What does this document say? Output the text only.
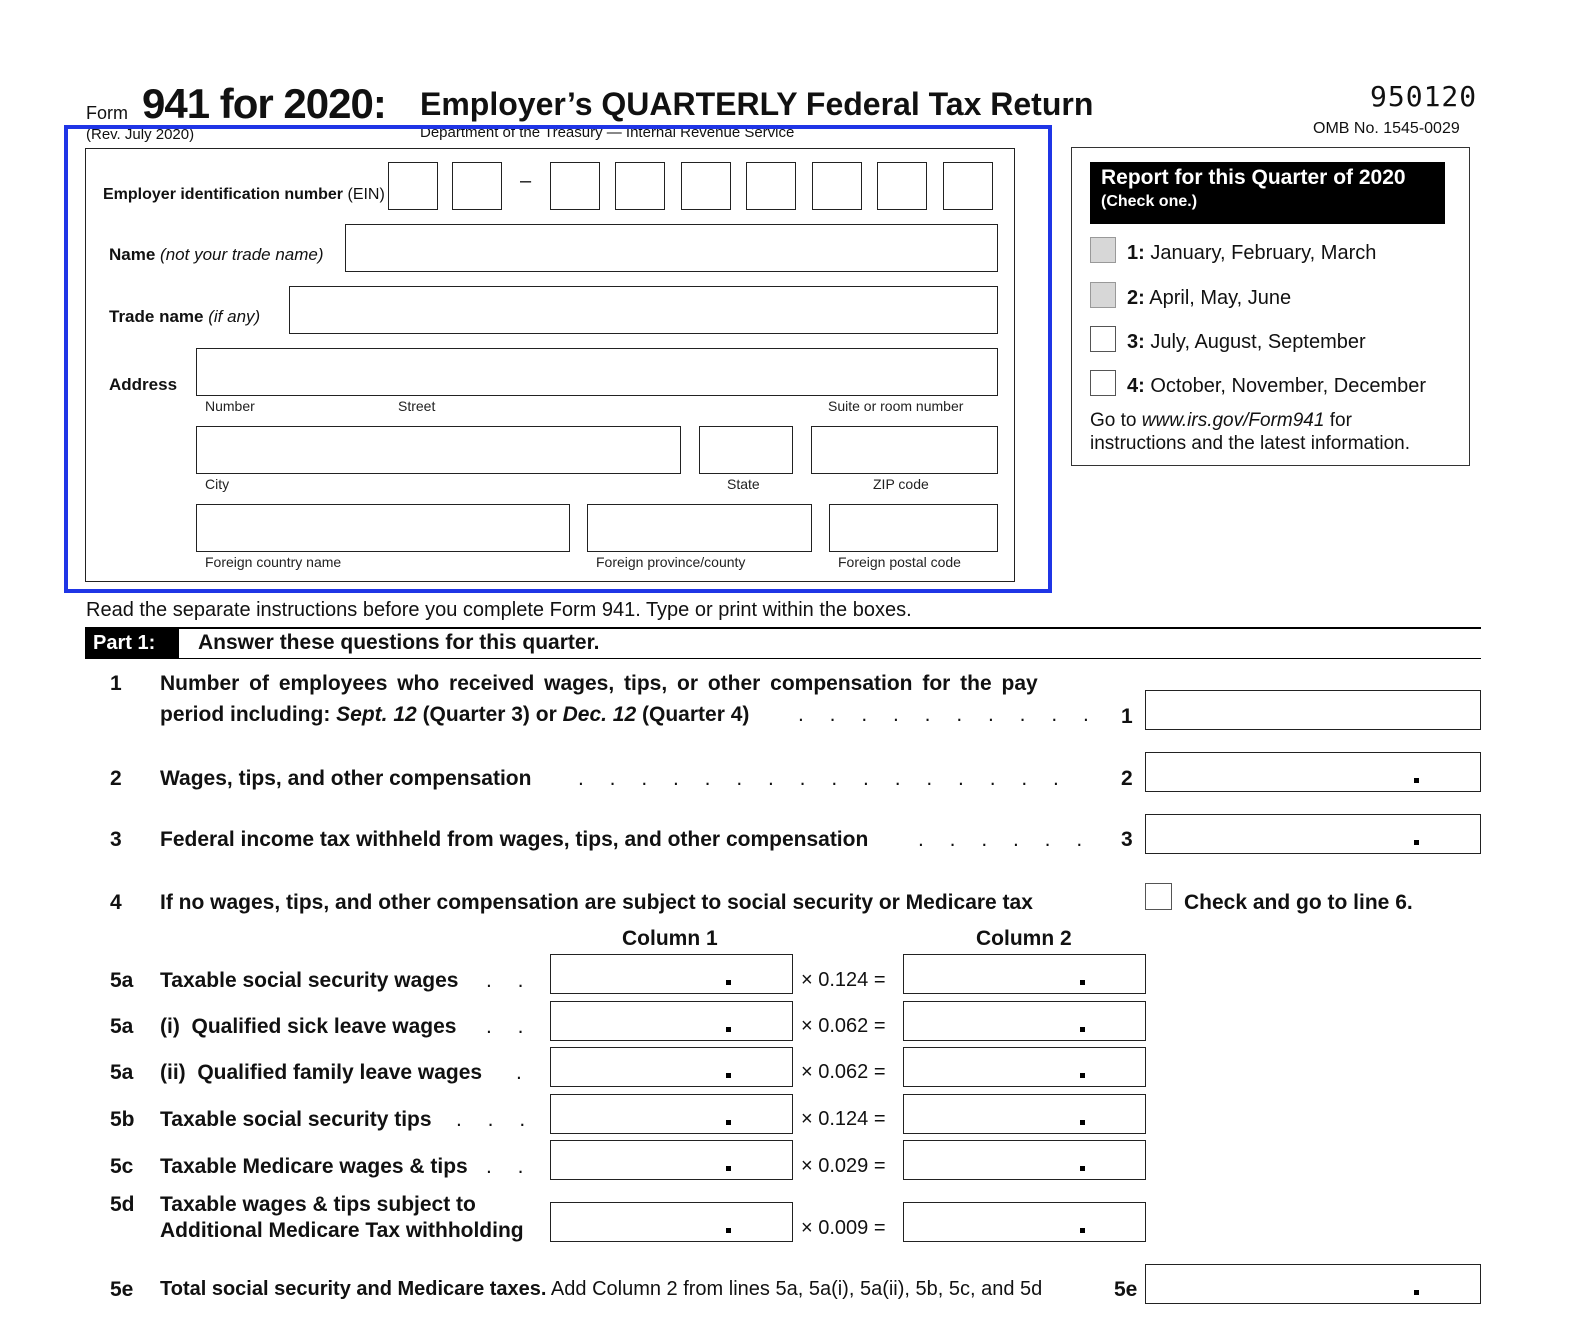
Form 941 for 2020: Employer’s QUARTERLY Federal Tax Return	950120
OMB No. 1545-0029
(Rev. July 2020)	Department of the Treasury — Internal Revenue Service
Employer identification number (EIN)
–
Name (not your trade name)
Trade name (if any)
Address
Number	Street	Suite or room number
City	State	ZIP code
Foreign country name	Foreign province/county	Foreign postal code
Report for this Quarter of 2020
(Check one.)
1: January, February, March
2: April, May, June
3: July, August, September
4: October, November, December
Go to www.irs.gov/Form941 for
instructions and the latest information.
Read the separate instructions before you complete Form 941. Type or print within the boxes.
Part 1:	Answer these questions for this quarter.
1 Number of employees who received wages, tips, or other compensation for the pay
period including: Sept. 12 (Quarter 3) or Dec. 12 (Quarter 4) . . . . . . . . . . 1
2 Wages, tips, and other compensation . . . . . . . . . . . . . . . . 2
3 Federal income tax withheld from wages, tips, and other compensation . . . . . . 3
4 If no wages, tips, and other compensation are subject to social security or Medicare tax	Check and go to line 6.
Column 1	Column 2
5a Taxable social security wages . .	× 0.124 =
5a (i)  Qualified sick leave wages . .	× 0.062 =
5a (ii)  Qualified family leave wages .	× 0.062 =
5b Taxable social security tips . . .	× 0.124 =
5c Taxable Medicare wages & tips . .	× 0.029 =
5d Taxable wages & tips subject to
Additional Medicare Tax withholding	× 0.009 =
5e Total social security and Medicare taxes. Add Column 2 from lines 5a, 5a(i), 5a(ii), 5b, 5c, and 5d	5e
